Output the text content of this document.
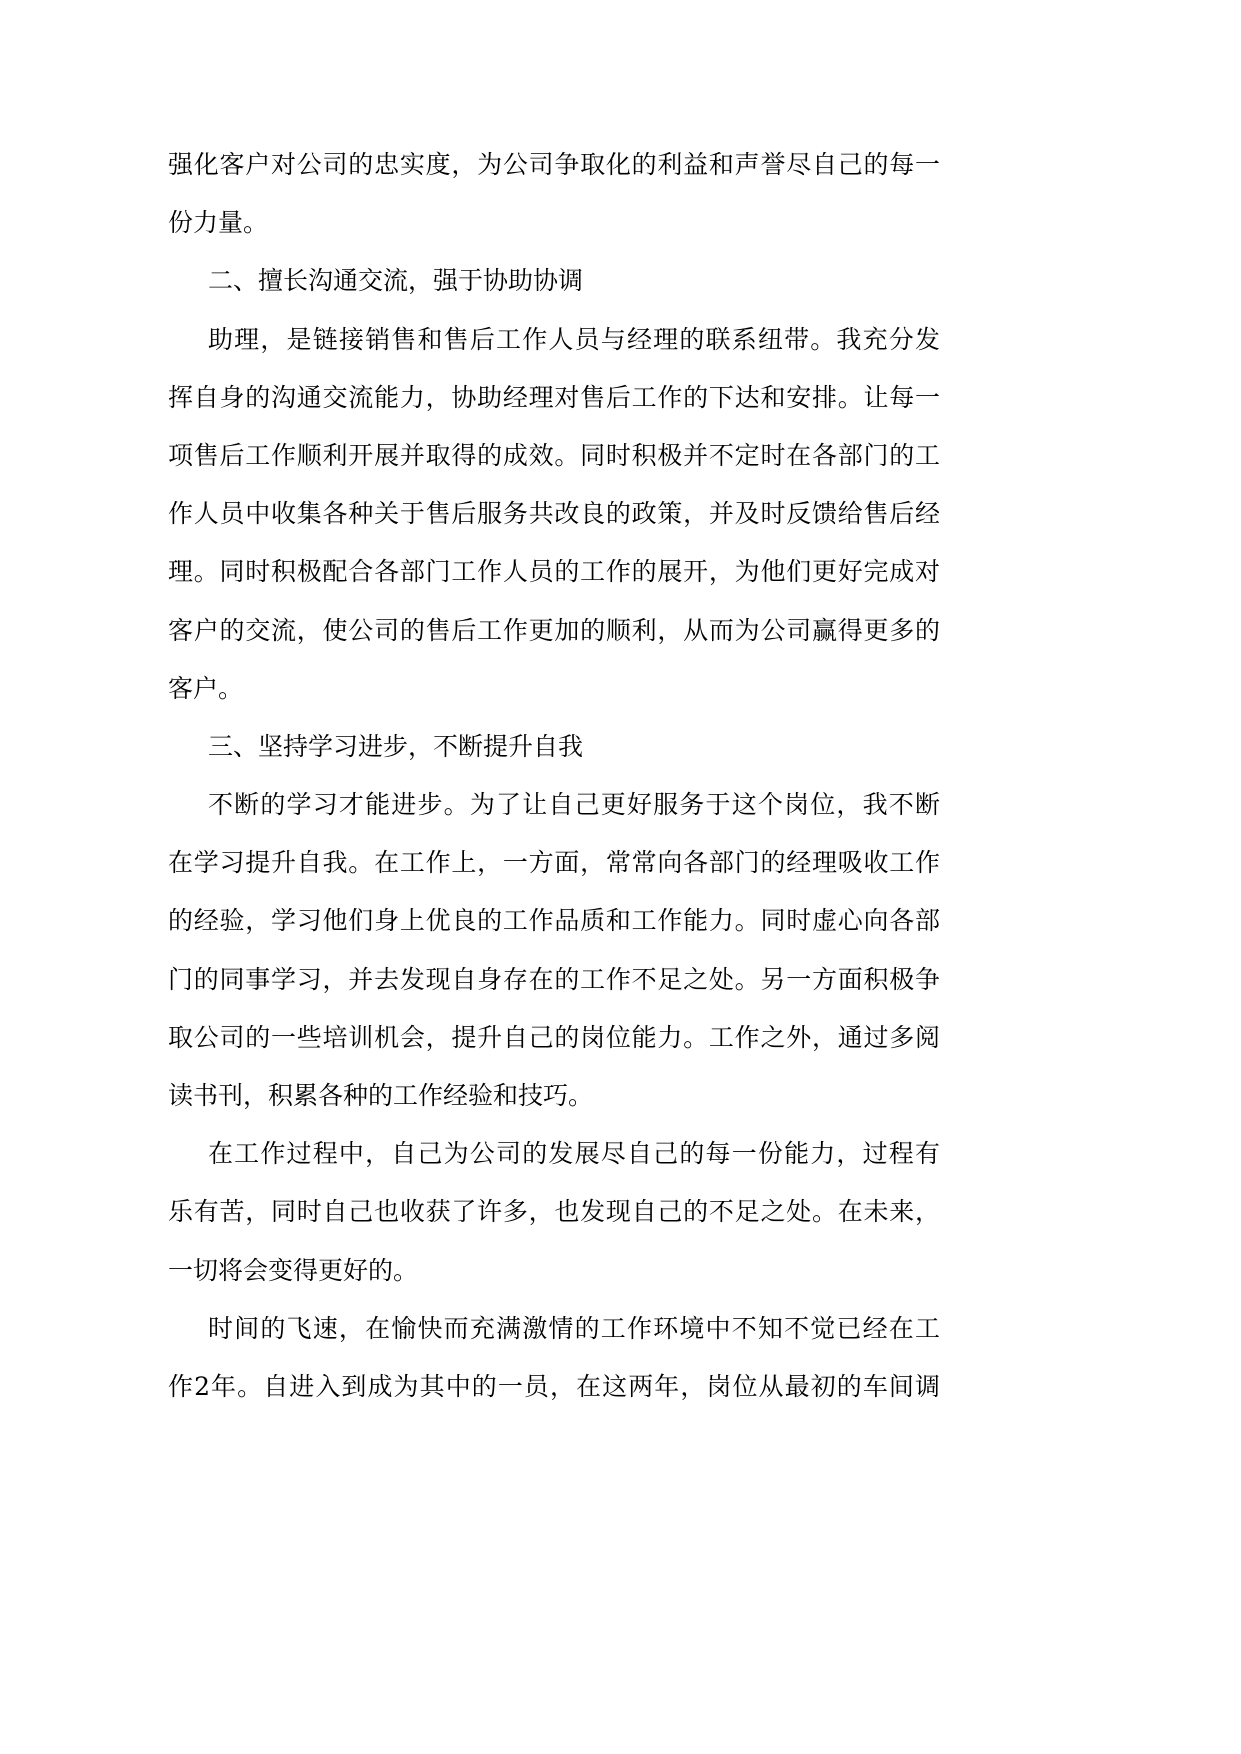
强化客户对公司的忠实度，为公司争取化的利益和声誉尽自己的每一
份力量。

二、擅长沟通交流，强于协助协调

助理，是链接销售和售后工作人员与经理的联系纽带。我充分发
挥自身的沟通交流能力，协助经理对售后工作的下达和安排。让每一
项售后工作顺利开展并取得的成效。同时积极并不定时在各部门的工
作人员中收集各种关于售后服务共改良的政策，并及时反馈给售后经
理。同时积极配合各部门工作人员的工作的展开，为他们更好完成对
客户的交流，使公司的售后工作更加的顺利，从而为公司赢得更多的
客户。

三、坚持学习进步，不断提升自我

不断的学习才能进步。为了让自己更好服务于这个岗位，我不断
在学习提升自我。在工作上，一方面，常常向各部门的经理吸收工作
的经验，学习他们身上优良的工作品质和工作能力。同时虚心向各部
门的同事学习，并去发现自身存在的工作不足之处。另一方面积极争
取公司的一些培训机会，提升自己的岗位能力。工作之外，通过多阅
读书刊，积累各种的工作经验和技巧。

在工作过程中，自己为公司的发展尽自己的每一份能力，过程有
乐有苦，同时自己也收获了许多，也发现自己的不足之处。在未来，
一切将会变得更好的。

时间的飞速，在愉快而充满激情的工作环境中不知不觉已经在工
作2年。自进入到成为其中的一员，在这两年，岗位从最初的车间调
